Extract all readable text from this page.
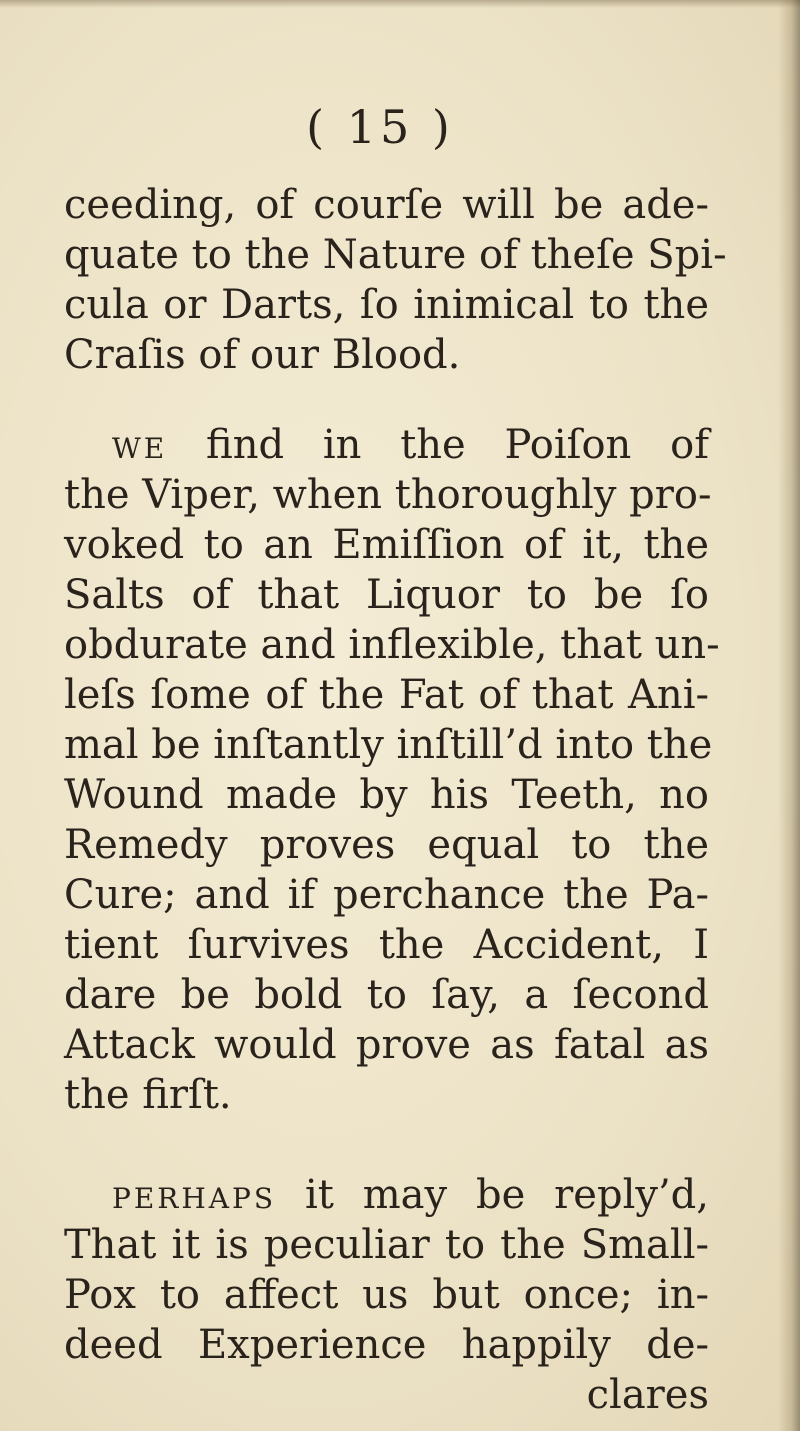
( 15 )
ceeding, of courſe will be ade-
quate to the Nature of theſe Spi-
cula or Darts, ſo inimical to the
Craſis of our Blood.
WE find in the Poiſon of
the Viper, when thoroughly pro-
voked to an Emiſſion of it, the
Salts of that Liquor to be ſo
obdurate and inflexible, that un-
leſs ſome of the Fat of that Ani-
mal be inſtantly inſtill’d into the
Wound made by his Teeth, no
Remedy proves equal to the
Cure; and if perchance the Pa-
tient ſurvives the Accident, I
dare be bold to ſay, a ſecond
Attack would prove as fatal as
the firſt.
PERHAPS it may be reply’d,
That it is peculiar to the Small-
Pox to affect us but once; in-
deed Experience happily de-
clares
